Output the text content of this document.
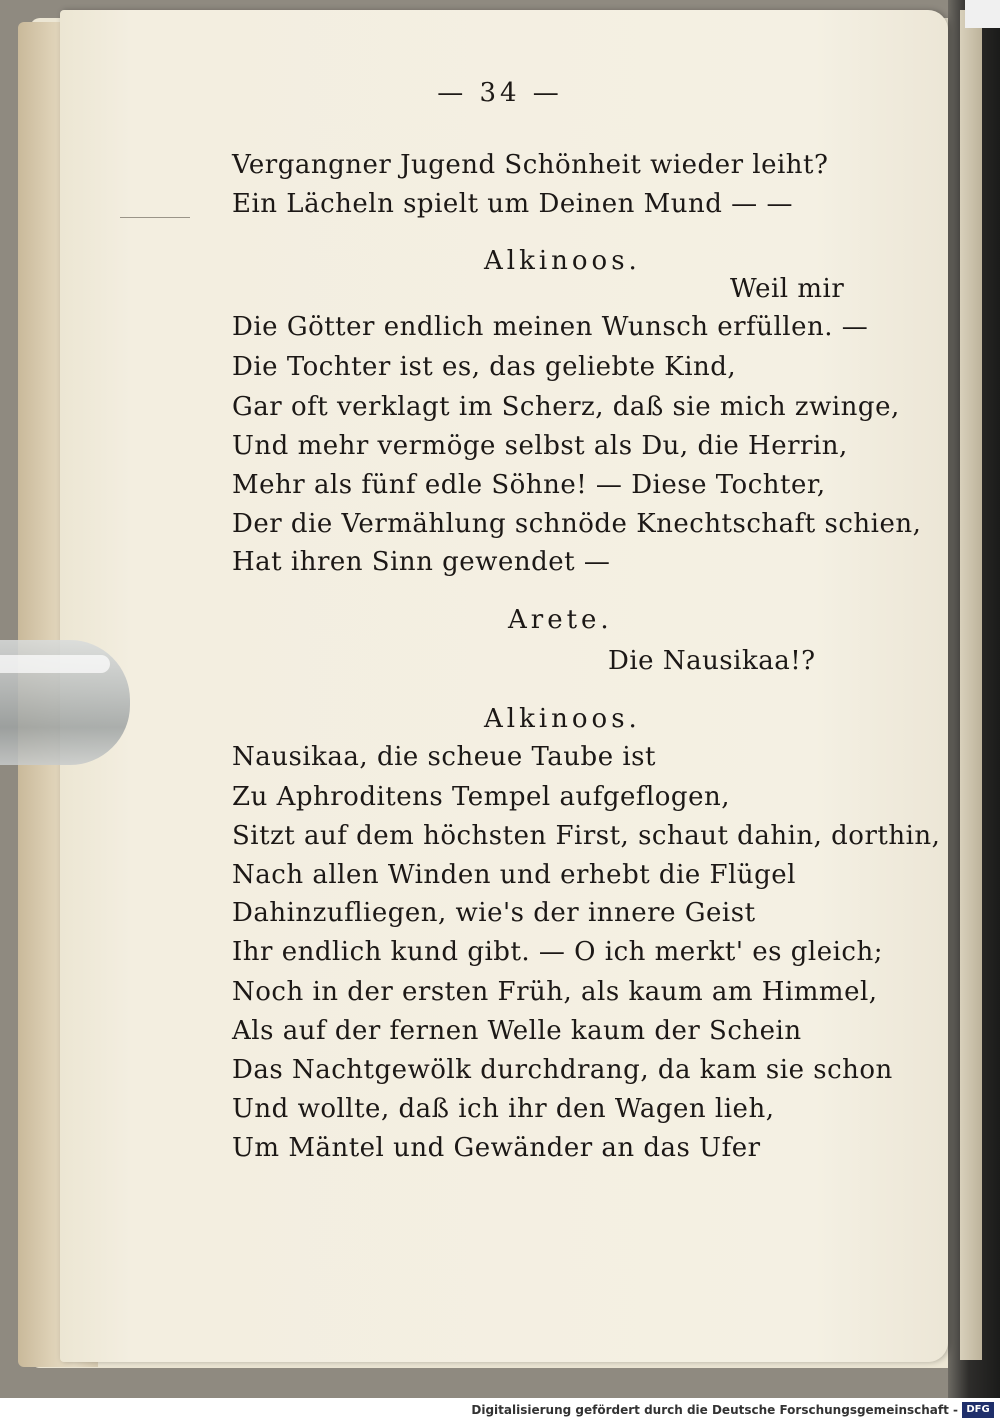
— 34 —
Vergangner Jugend Schönheit wieder leiht?
Ein Lächeln spielt um Deinen Mund — —
Alkinoos.
Weil mir
Die Götter endlich meinen Wunsch erfüllen. —
Die Tochter ist es, das geliebte Kind,
Gar oft verklagt im Scherz, daß sie mich zwinge,
Und mehr vermöge selbst als Du, die Herrin,
Mehr als fünf edle Söhne! — Diese Tochter,
Der die Vermählung schnöde Knechtschaft schien,
Hat ihren Sinn gewendet —
Arete.
Die Nausikaa!?
Alkinoos.
Nausikaa, die scheue Taube ist
Zu Aphroditens Tempel aufgeflogen,
Sitzt auf dem höchsten First, schaut dahin, dorthin,
Nach allen Winden und erhebt die Flügel
Dahinzufliegen, wie's der innere Geist
Ihr endlich kund gibt. — O ich merkt' es gleich;
Noch in der ersten Früh, als kaum am Himmel,
Als auf der fernen Welle kaum der Schein
Das Nachtgewölk durchdrang, da kam sie schon
Und wollte, daß ich ihr den Wagen lieh,
Um Mäntel und Gewänder an das Ufer
Digitalisierung gefördert durch die Deutsche Forschungsgemeinschaft - DFG
